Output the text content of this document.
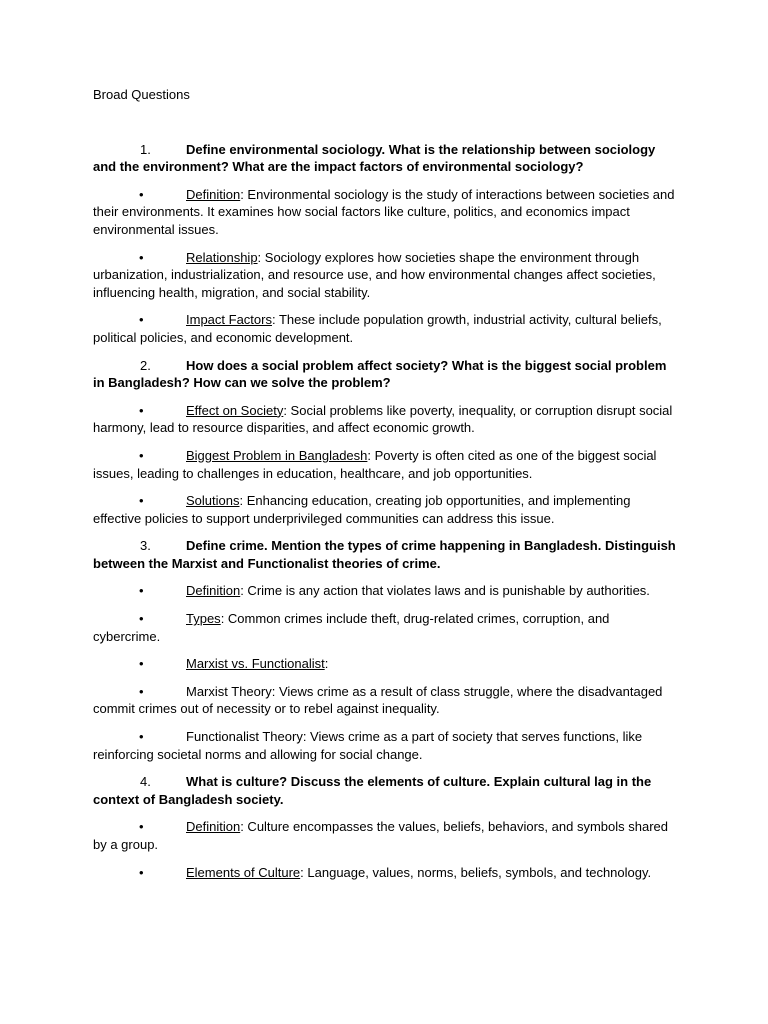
Broad Questions
1.	Define environmental sociology. What is the relationship between sociology and the environment? What are the impact factors of environmental sociology?
•	Definition: Environmental sociology is the study of interactions between societies and their environments. It examines how social factors like culture, politics, and economics impact environmental issues.
•	Relationship: Sociology explores how societies shape the environment through urbanization, industrialization, and resource use, and how environmental changes affect societies, influencing health, migration, and social stability.
•	Impact Factors: These include population growth, industrial activity, cultural beliefs, political policies, and economic development.
2.	How does a social problem affect society? What is the biggest social problem in Bangladesh? How can we solve the problem?
•	Effect on Society: Social problems like poverty, inequality, or corruption disrupt social harmony, lead to resource disparities, and affect economic growth.
•	Biggest Problem in Bangladesh: Poverty is often cited as one of the biggest social issues, leading to challenges in education, healthcare, and job opportunities.
•	Solutions: Enhancing education, creating job opportunities, and implementing effective policies to support underprivileged communities can address this issue.
3.	Define crime. Mention the types of crime happening in Bangladesh. Distinguish between the Marxist and Functionalist theories of crime.
•	Definition: Crime is any action that violates laws and is punishable by authorities.
•	Types: Common crimes include theft, drug-related crimes, corruption, and cybercrime.
•	Marxist vs. Functionalist:
•	Marxist Theory: Views crime as a result of class struggle, where the disadvantaged commit crimes out of necessity or to rebel against inequality.
•	Functionalist Theory: Views crime as a part of society that serves functions, like reinforcing societal norms and allowing for social change.
4.	What is culture? Discuss the elements of culture. Explain cultural lag in the context of Bangladesh society.
•	Definition: Culture encompasses the values, beliefs, behaviors, and symbols shared by a group.
•	Elements of Culture: Language, values, norms, beliefs, symbols, and technology.
